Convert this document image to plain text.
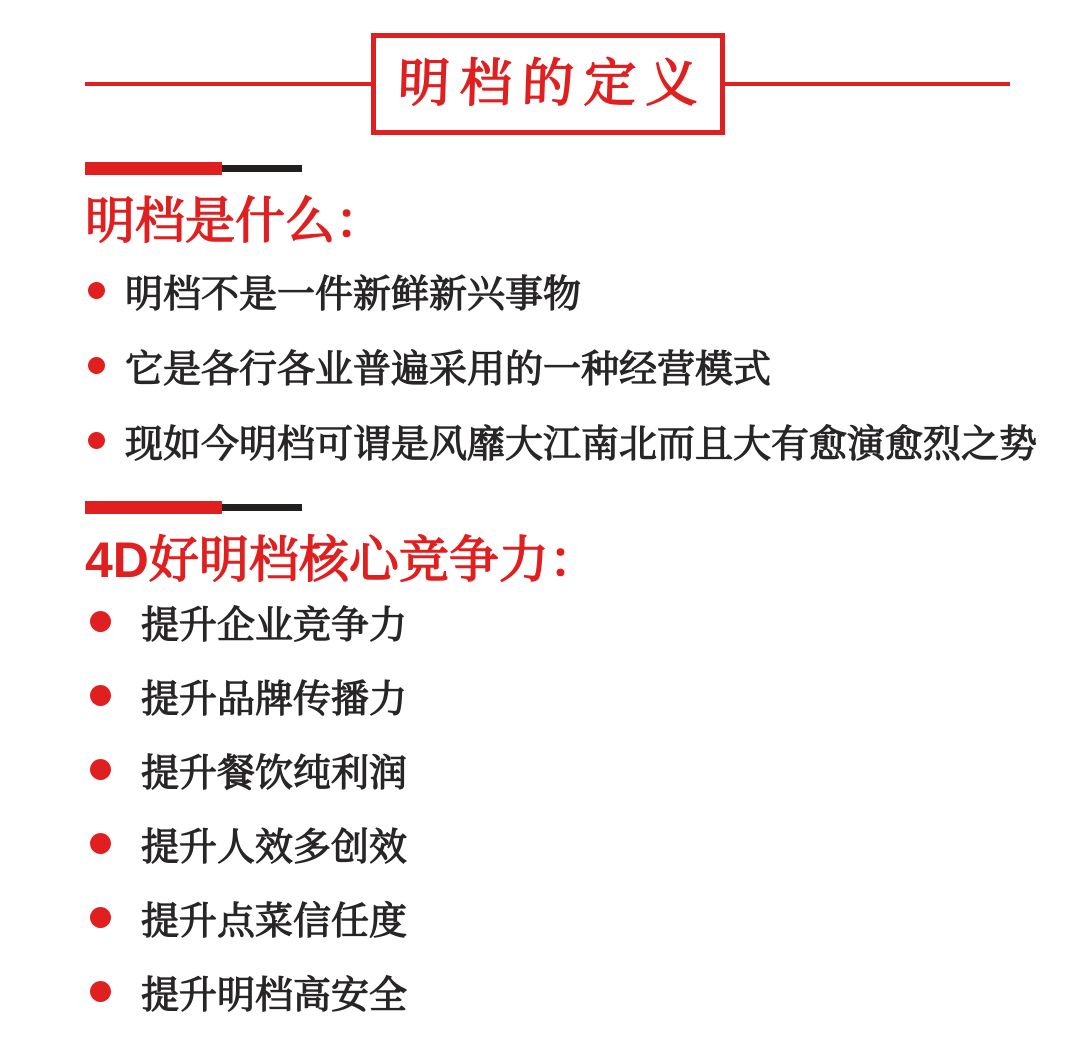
明档的定义
明档是什么：
明档不是一件新鲜新兴事物
它是各行各业普遍采用的一种经营模式
现如今明档可谓是风靡大江南北而且大有愈演愈烈之势
4D好明档核心竞争力：
提升企业竞争力
提升品牌传播力
提升餐饮纯利润
提升人效多创效
提升点菜信任度
提升明档高安全
